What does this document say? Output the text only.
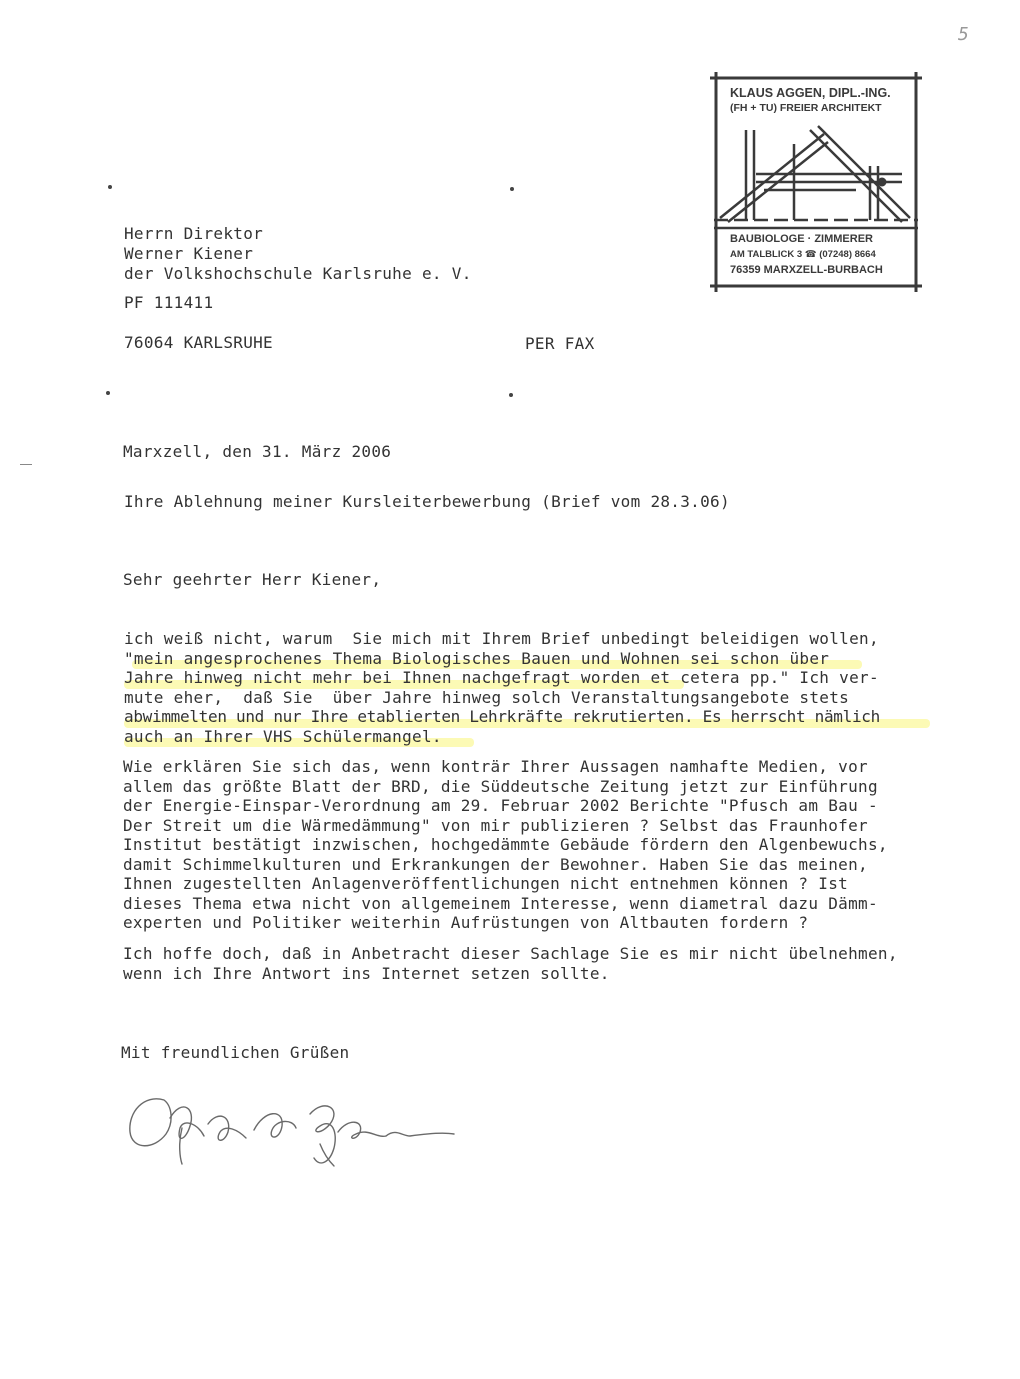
5
KLAUS AGGEN, DIPL.-ING.
(FH + TU) FREIER ARCHITEKT
BAUBIOLOGE · ZIMMERER
AM TALBLICK 3 ☎ (07248) 8664
76359 MARXZELL-BURBACH
Herrn Direktor
Werner Kiener
der Volkshochschule Karlsruhe e. V.
PF 111411
76064 KARLSRUHE	PER FAX
Marxzell, den 31. März 2006
Ihre Ablehnung meiner Kursleiterbewerbung (Brief vom 28.3.06)
Sehr geehrter Herr Kiener,
ich weiß nicht, warum  Sie mich mit Ihrem Brief unbedingt beleidigen wollen,
"mein angesprochenes Thema Biologisches Bauen und Wohnen sei schon über
Jahre hinweg nicht mehr bei Ihnen nachgefragt worden et cetera pp." Ich ver-
mute eher,  daß Sie  über Jahre hinweg solch Veranstaltungsangebote stets
abwimmelten und nur Ihre etablierten Lehrkräfte rekrutierten. Es herrscht nämlich
auch an Ihrer VHS Schülermangel.
Wie erklären Sie sich das, wenn konträr Ihrer Aussagen namhafte Medien, vor
allem das größte Blatt der BRD, die Süddeutsche Zeitung jetzt zur Einführung
der Energie-Einspar-Verordnung am 29. Februar 2002 Berichte "Pfusch am Bau -
Der Streit um die Wärmedämmung" von mir publizieren ? Selbst das Fraunhofer
Institut bestätigt inzwischen, hochgedämmte Gebäude fördern den Algenbewuchs,
damit Schimmelkulturen und Erkrankungen der Bewohner. Haben Sie das meinen,
Ihnen zugestellten Anlagenveröffentlichungen nicht entnehmen können ? Ist
dieses Thema etwa nicht von allgemeinem Interesse, wenn diametral dazu Dämm-
experten und Politiker weiterhin Aufrüstungen von Altbauten fordern ?
Ich hoffe doch, daß in Anbetracht dieser Sachlage Sie es mir nicht übelnehmen,
wenn ich Ihre Antwort ins Internet setzen sollte.
Mit freundlichen Grüßen
